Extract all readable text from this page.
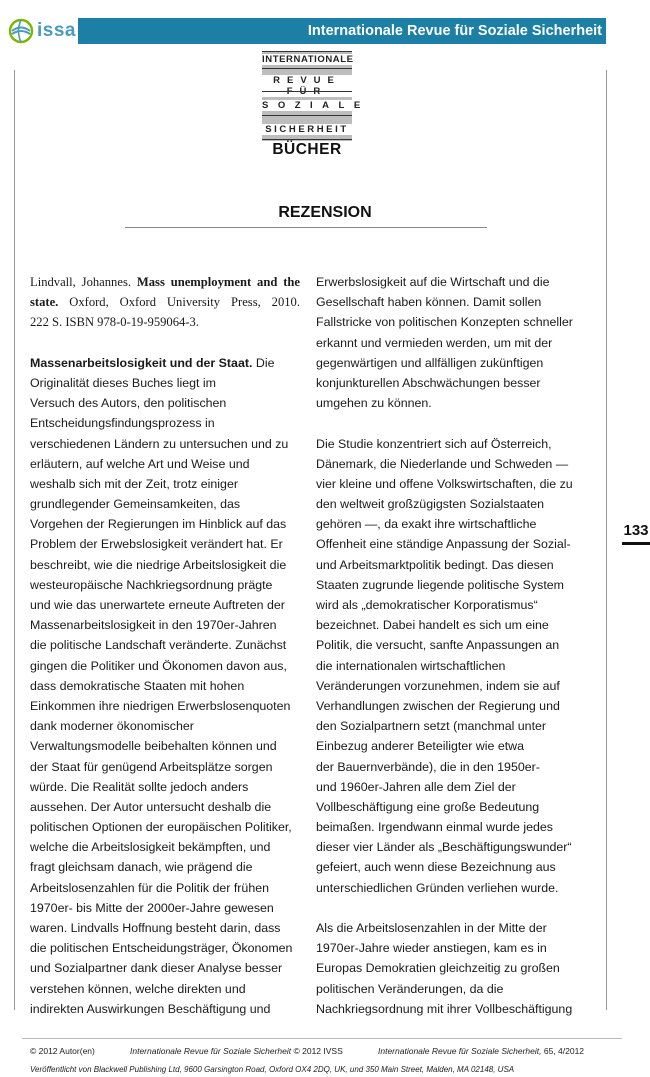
issa	Internationale Revue für Soziale Sicherheit
INTERNATIONALE
REVUE
SOZIALE
SICHERHEIT
BÜCHER
REZENSION
Lindvall, Johannes. Mass unemployment and the
state. Oxford, Oxford University Press, 2010.
222 S. ISBN 978-0-19-959064-3.
Massenarbeitslosigkeit und der Staat. Die
Originalität dieses Buches liegt im
Versuch des Autors, den politischen
Entscheidungsfindungsprozess in
verschiedenen Ländern zu untersuchen und zu
erläutern, auf welche Art und Weise und
weshalb sich mit der Zeit, trotz einiger
grundlegender Gemeinsamkeiten, das
Vorgehen der Regierungen im Hinblick auf das
Problem der Erwebslosigkeit verändert hat. Er
beschreibt, wie die niedrige Arbeitslosigkeit die
westeuropäische Nachkriegsordnung prägte
und wie das unerwartete erneute Auftreten der
Massenarbeitslosigkeit in den 1970er-Jahren
die politische Landschaft veränderte. Zunächst
gingen die Politiker und Ökonomen davon aus,
dass demokratische Staaten mit hohen
Einkommen ihre niedrigen Erwerbslosenquoten
dank moderner ökonomischer
Verwaltungsmodelle beibehalten können und
der Staat für genügend Arbeitsplätze sorgen
würde. Die Realität sollte jedoch anders
aussehen. Der Autor untersucht deshalb die
politischen Optionen der europäischen Politiker,
welche die Arbeitslosigkeit bekämpften, und
fragt gleichsam danach, wie prägend die
Arbeitslosenzahlen für die Politik der frühen
1970er- bis Mitte der 2000er-Jahre gewesen
waren. Lindvalls Hoffnung besteht darin, dass
die politischen Entscheidungsträger, Ökonomen
und Sozialpartner dank dieser Analyse besser
verstehen können, welche direkten und
indirekten Auswirkungen Beschäftigung und
Erwerbslosigkeit auf die Wirtschaft und die
Gesellschaft haben können. Damit sollen
Fallstricke von politischen Konzepten schneller
erkannt und vermieden werden, um mit der
gegenwärtigen und allfälligen zukünftigen
konjunkturellen Abschwächungen besser
umgehen zu können.
Die Studie konzentriert sich auf Österreich,
Dänemark, die Niederlande und Schweden —
vier kleine und offene Volkswirtschaften, die zu
den weltweit großzügigsten Sozialstaaten
gehören —, da exakt ihre wirtschaftliche
Offenheit eine ständige Anpassung der Sozial-
und Arbeitsmarktpolitik bedingt. Das diesen
Staaten zugrunde liegende politische System
wird als „demokratischer Korporatismus“
bezeichnet. Dabei handelt es sich um eine
Politik, die versucht, sanfte Anpassungen an
die internationalen wirtschaftlichen
Veränderungen vorzunehmen, indem sie auf
Verhandlungen zwischen der Regierung und
den Sozialpartnern setzt (manchmal unter
Einbezug anderer Beteiligter wie etwa
der Bauernverbände), die in den 1950er-
und 1960er-Jahren alle dem Ziel der
Vollbeschäftigung eine große Bedeutung
beimaßen. Irgendwann einmal wurde jedes
dieser vier Länder als „Beschäftigungswunder“
gefeiert, auch wenn diese Bezeichnung aus
unterschiedlichen Gründen verliehen wurde.
Als die Arbeitslosenzahlen in der Mitte der
1970er-Jahre wieder anstiegen, kam es in
Europas Demokratien gleichzeitig zu großen
politischen Veränderungen, da die
Nachkriegsordnung mit ihrer Vollbeschäftigung
133
© 2012 Autor(en)	Internationale Revue für Soziale Sicherheit © 2012 IVSS	Internationale Revue für Soziale Sicherheit, 65, 4/2012
Veröffentlicht von Blackwell Publishing Ltd, 9600 Garsington Road, Oxford OX4 2DQ, UK, und 350 Main Street, Malden, MA 02148, USA
